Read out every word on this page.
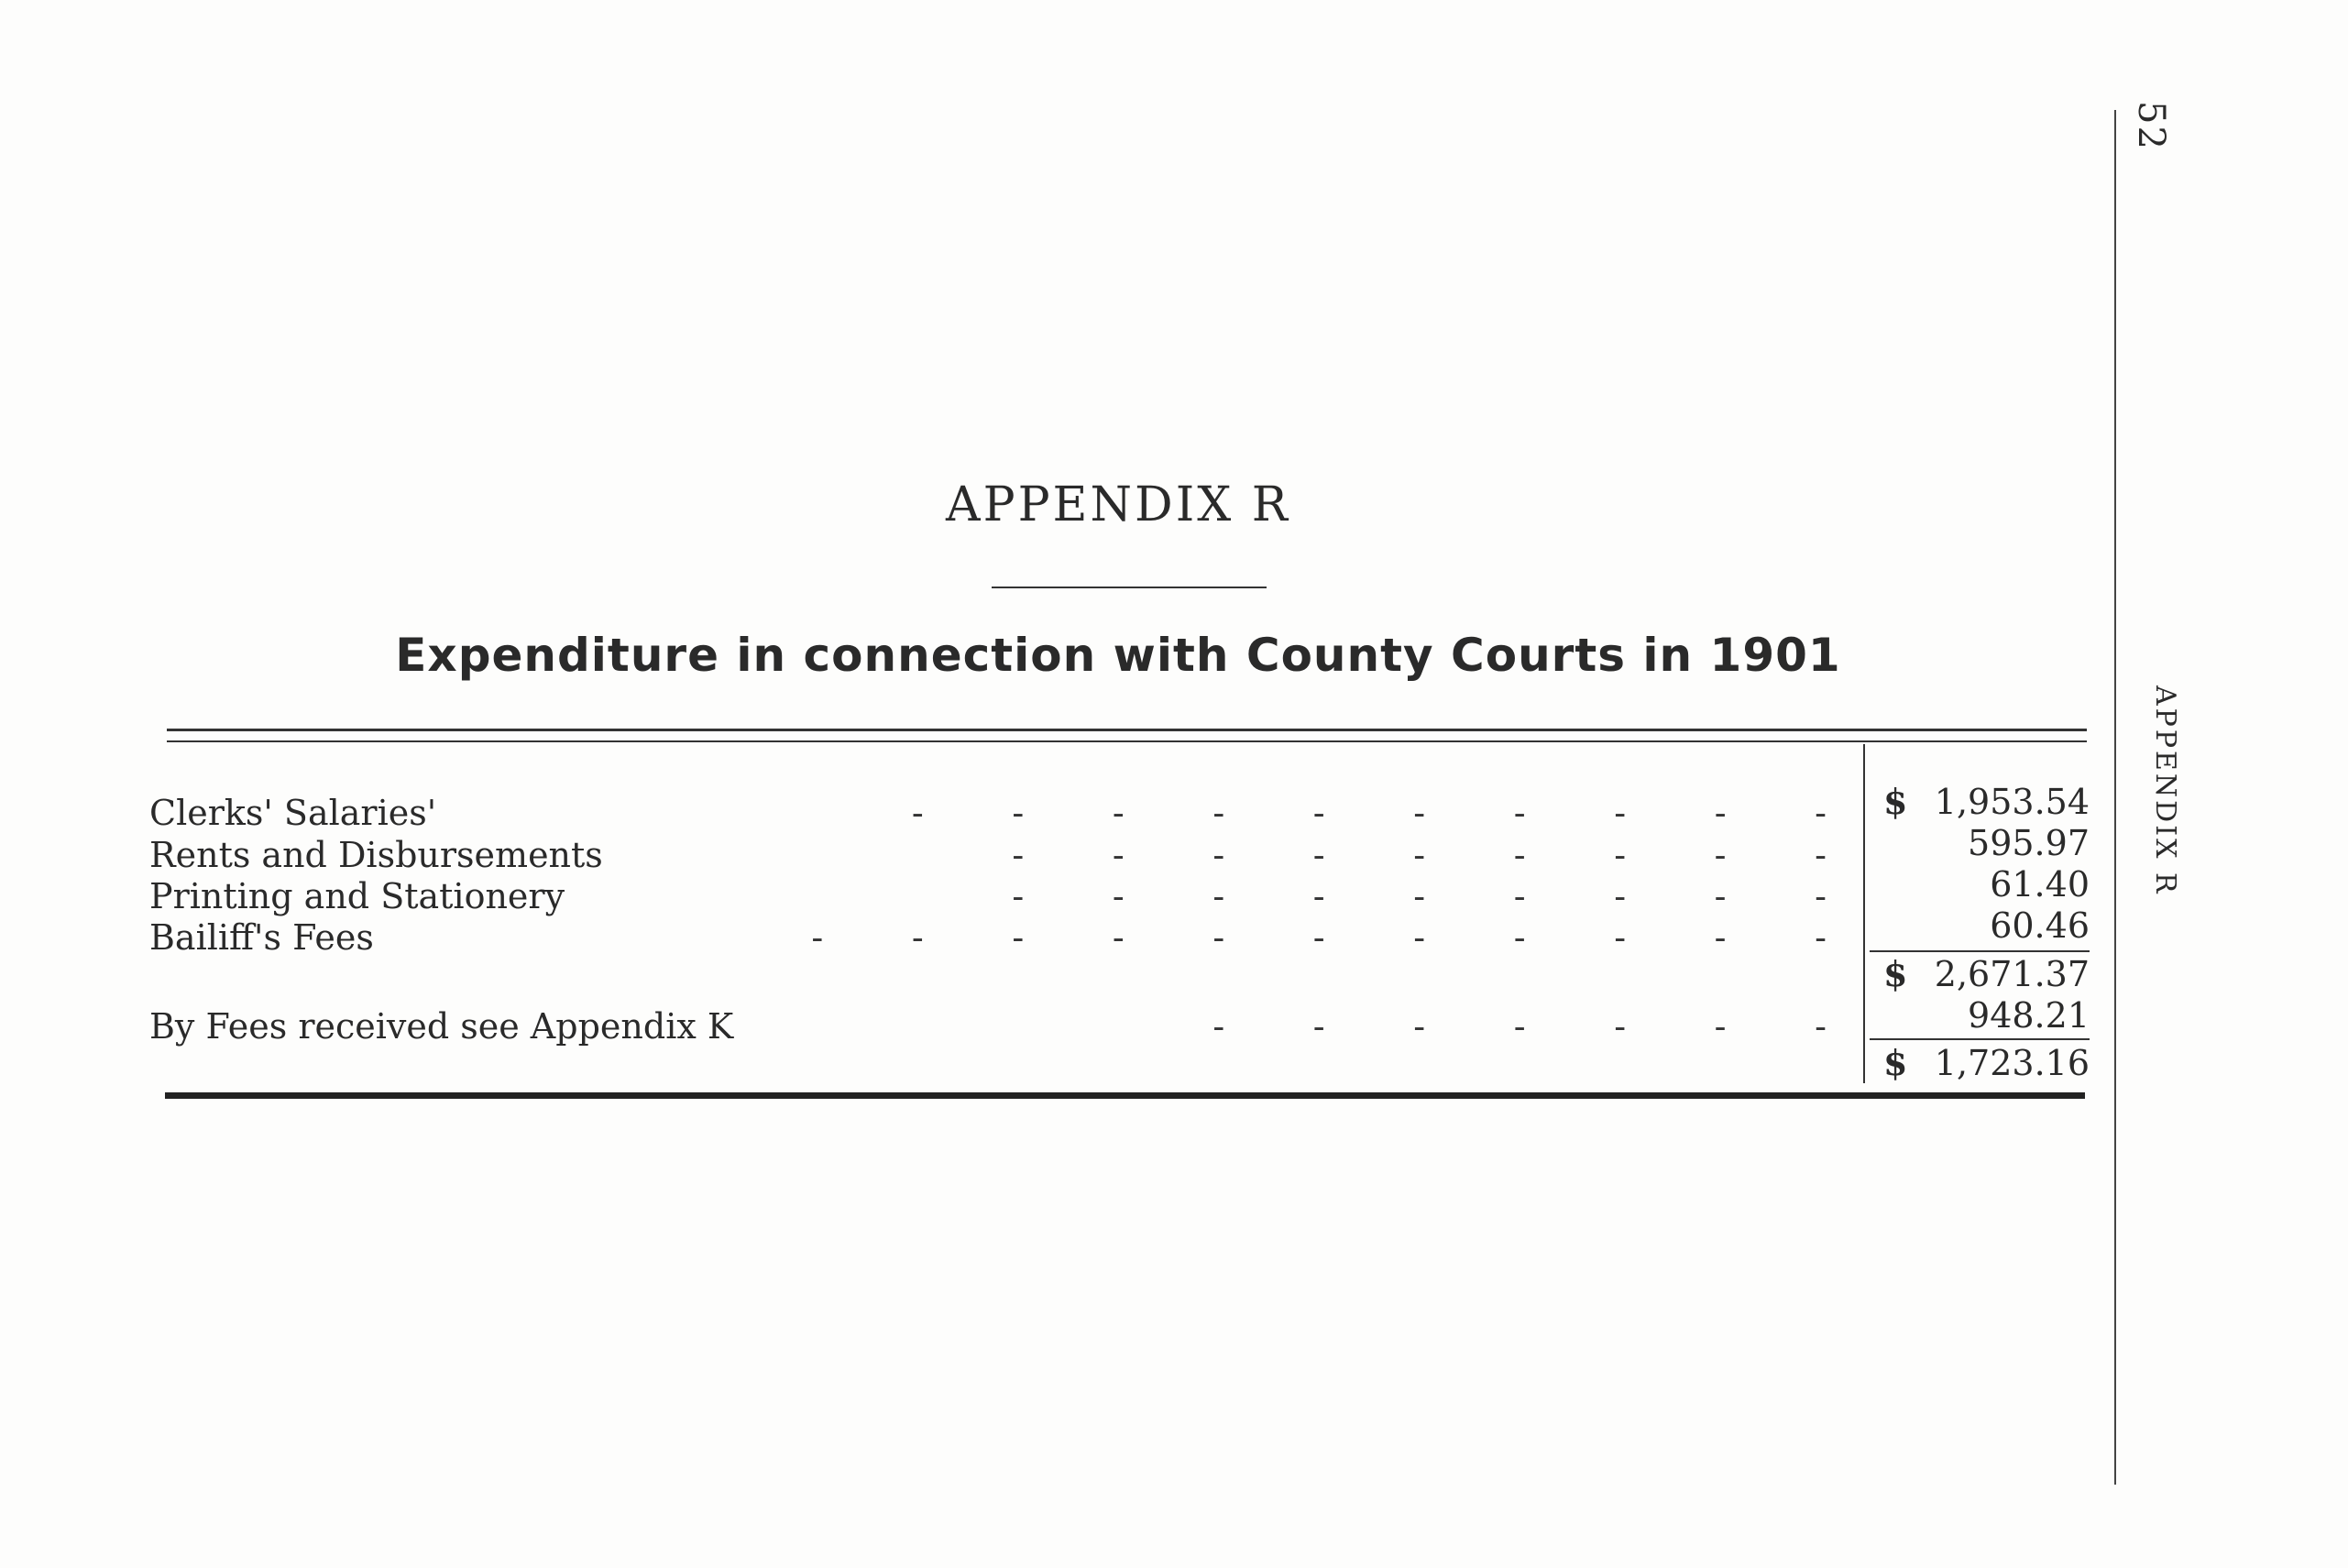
APPENDIX R
Expenditure in connection with County Courts in 1901
Clerks' Salaries'	-        -        -        -        -        -        -        -        -        - $ 1,953.54
Rents and Disbursements	-        -        -        -        -        -        -        -        -	595.97
Printing and Stationery	-        -        -        -        -        -        -        -        -	61.40
Bailiff's Fees	-        -        -        -        -        -        -        -        -        -        -	60.46
$ 2,671.37
By Fees received see Appendix K	-        -        -        -        -        -        -	948.21
$ 1,723.16
52
APPENDIX R
